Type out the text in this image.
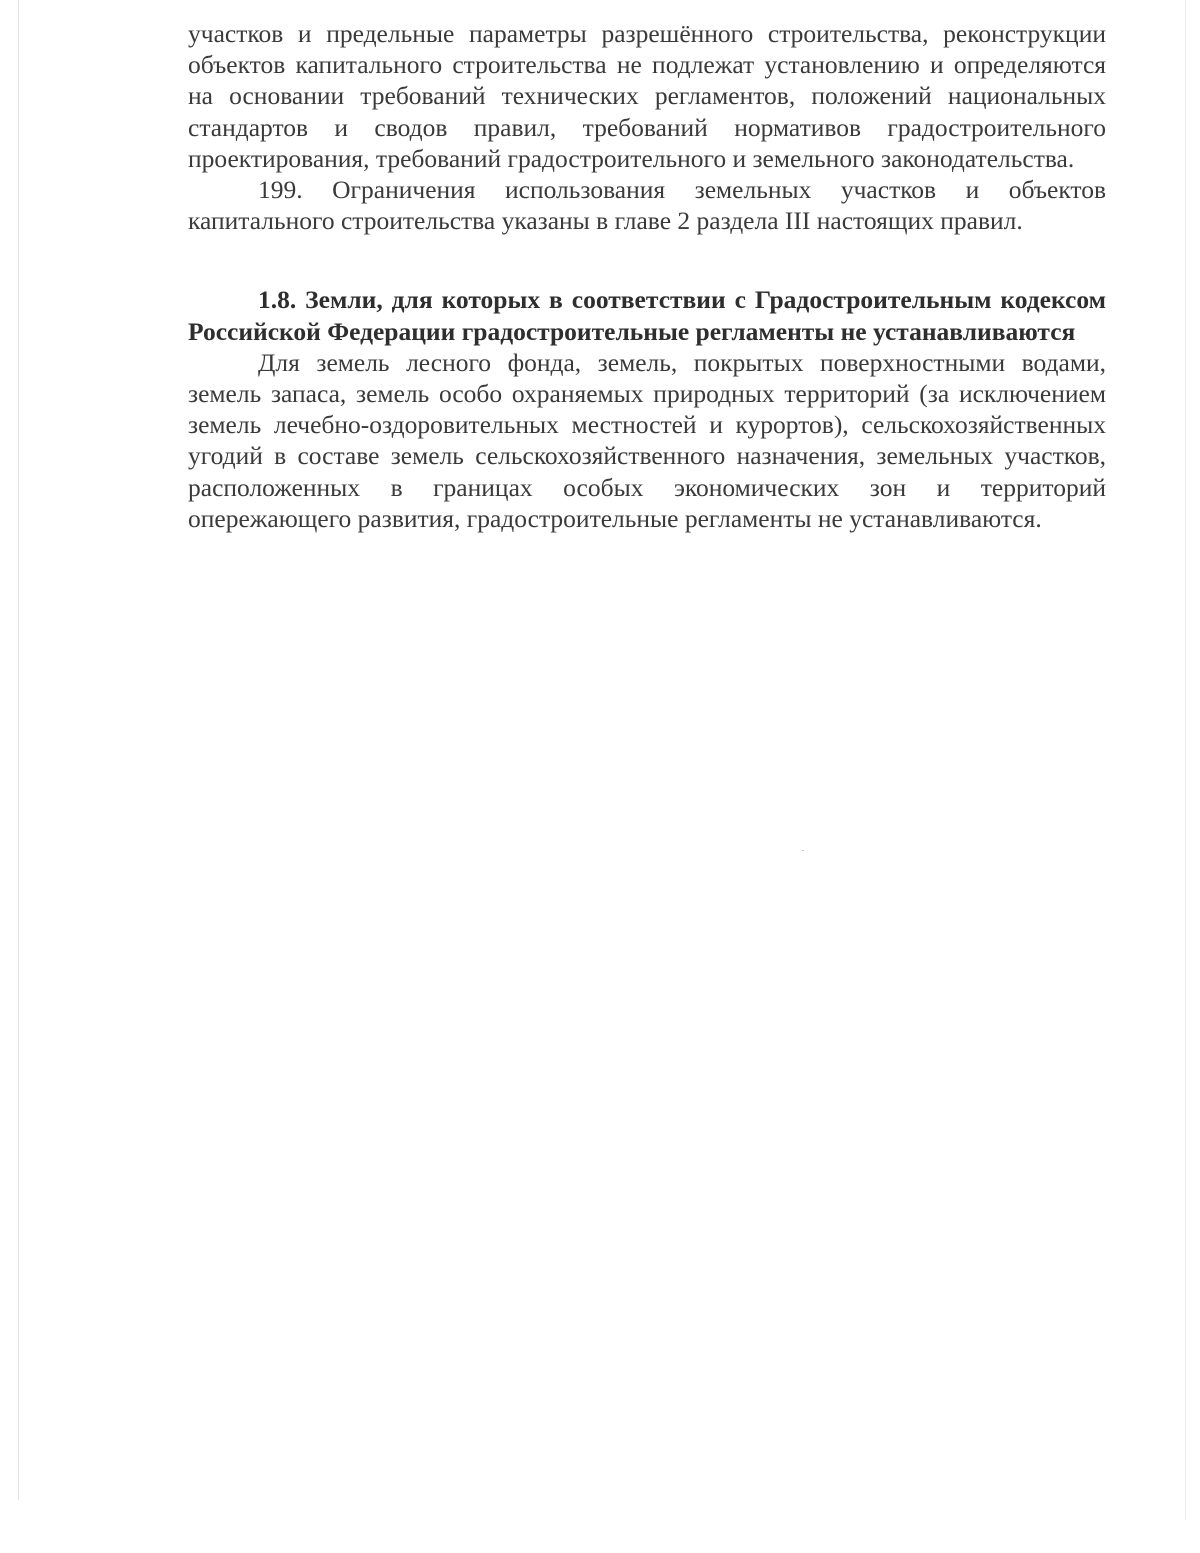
участков и предельные параметры разрешённого строительства, реконструкции объектов капитального строительства не подлежат установлению и определяются на основании требований технических регламентов, положений национальных стандартов и сводов правил, требований нормативов градостроительного проектирования, требований градостроительного и земельного законодательства.

199. Ограничения использования земельных участков и объектов капитального строительства указаны в главе 2 раздела III настоящих правил.

1.8. Земли, для которых в соответствии с Градостроительным кодексом Российской Федерации градостроительные регламенты не устанавливаются

Для земель лесного фонда, земель, покрытых поверхностными водами, земель запаса, земель особо охраняемых природных территорий (за исключением земель лечебно-оздоровительных местностей и курортов), сельскохозяйственных угодий в составе земель сельскохозяйственного назначения, земельных участков, расположенных в границах особых экономических зон и территорий опережающего развития, градостроительные регламенты не устанавливаются.
